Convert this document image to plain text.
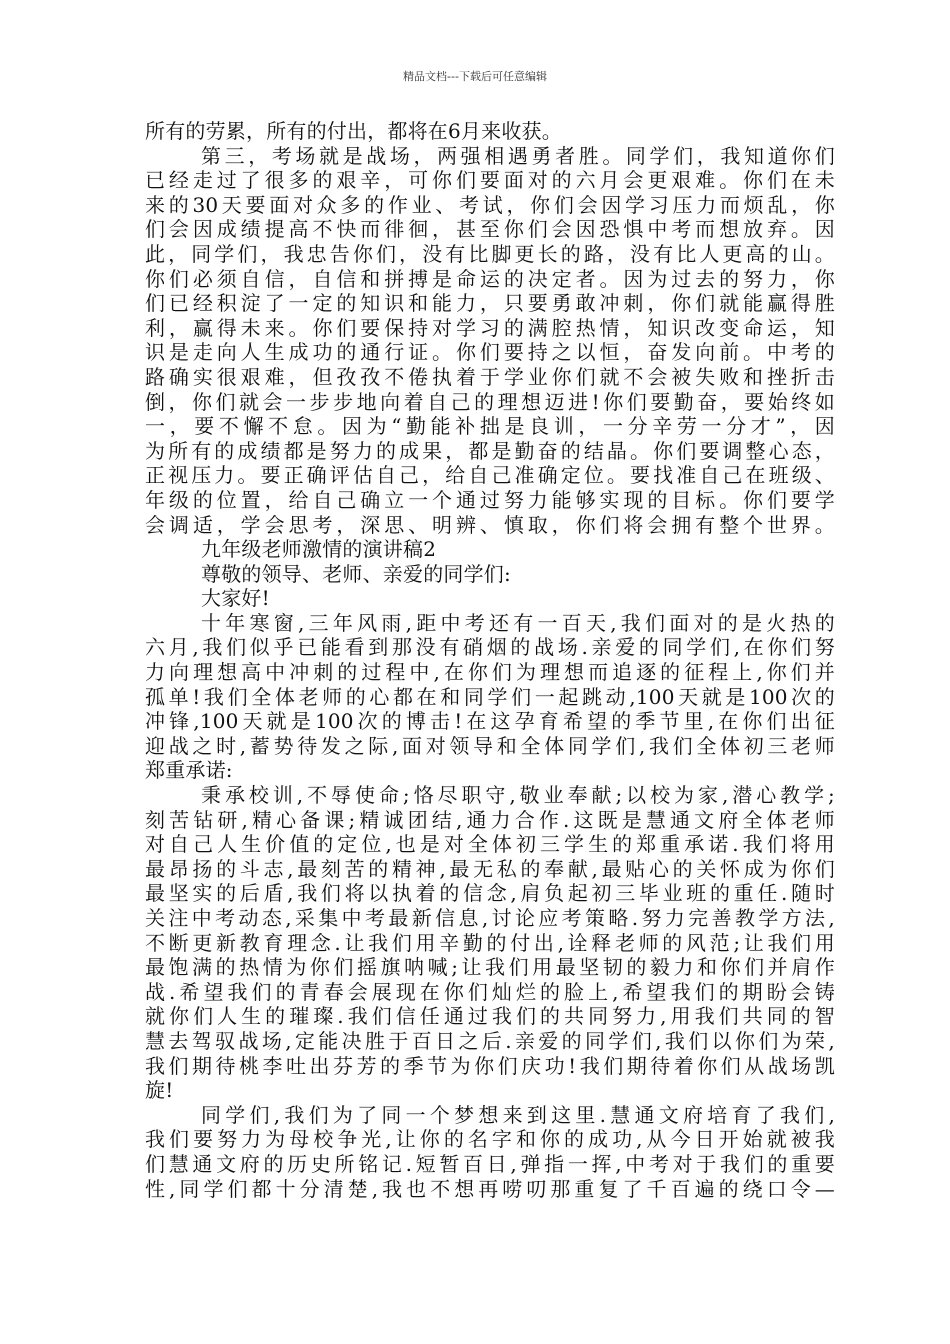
精品文档---下载后可任意编辑
所有的劳累，所有的付出，都将在6月来收获。
第三，考场就是战场，两强相遇勇者胜。同学们，我知道你们
已经走过了很多的艰辛，可你们要面对的六月会更艰难。你们在未
来的30天要面对众多的作业、考试，你们会因学习压力而烦乱，你
们会因成绩提高不快而徘徊，甚至你们会因恐惧中考而想放弃。因
此，同学们，我忠告你们，没有比脚更长的路，没有比人更高的山。
你们必须自信，自信和拼搏是命运的决定者。因为过去的努力，你
们已经积淀了一定的知识和能力，只要勇敢冲刺，你们就能赢得胜
利，赢得未来。你们要保持对学习的满腔热情，知识改变命运，知
识是走向人生成功的通行证。你们要持之以恒，奋发向前。中考的
路确实很艰难，但孜孜不倦执着于学业你们就不会被失败和挫折击
倒，你们就会一步步地向着自己的理想迈进!你们要勤奋，要始终如
一，要不懈不怠。因为“勤能补拙是良训，一分辛劳一分才”，因
为所有的成绩都是努力的成果，都是勤奋的结晶。你们要调整心态，
正视压力。要正确评估自己，给自己准确定位。要找准自己在班级、
年级的位置，给自己确立一个通过努力能够实现的目标。你们要学
会调适，学会思考，深思、明辨、慎取，你们将会拥有整个世界。
九年级老师激情的演讲稿2
尊敬的领导、老师、亲爱的同学们:
大家好!
十年寒窗,三年风雨,距中考还有一百天,我们面对的是火热的
六月,我们似乎已能看到那没有硝烟的战场.亲爱的同学们,在你们努
力向理想高中冲刺的过程中,在你们为理想而追逐的征程上,你们并
孤单!我们全体老师的心都在和同学们一起跳动,100天就是100次的
冲锋,100天就是100次的博击!在这孕育希望的季节里,在你们出征
迎战之时,蓄势待发之际,面对领导和全体同学们,我们全体初三老师
郑重承诺:
秉承校训,不辱使命;恪尽职守,敬业奉献;以校为家,潜心教学;
刻苦钻研,精心备课;精诚团结,通力合作.这既是慧通文府全体老师
对自己人生价值的定位,也是对全体初三学生的郑重承诺.我们将用
最昂扬的斗志,最刻苦的精神,最无私的奉献,最贴心的关怀成为你们
最坚实的后盾,我们将以执着的信念,肩负起初三毕业班的重任.随时
关注中考动态,采集中考最新信息,讨论应考策略.努力完善教学方法,
不断更新教育理念.让我们用辛勤的付出,诠释老师的风范;让我们用
最饱满的热情为你们摇旗呐喊;让我们用最坚韧的毅力和你们并肩作
战.希望我们的青春会展现在你们灿烂的脸上,希望我们的期盼会铸
就你们人生的璀璨.我们信任通过我们的共同努力,用我们共同的智
慧去驾驭战场,定能决胜于百日之后.亲爱的同学们,我们以你们为荣,
我们期待桃李吐出芬芳的季节为你们庆功!我们期待着你们从战场凯
旋!
同学们,我们为了同一个梦想来到这里.慧通文府培育了我们,
我们要努力为母校争光,让你的名字和你的成功,从今日开始就被我
们慧通文府的历史所铭记.短暂百日,弹指一挥,中考对于我们的重要
性,同学们都十分清楚,我也不想再唠叨那重复了千百遍的绕口令—
